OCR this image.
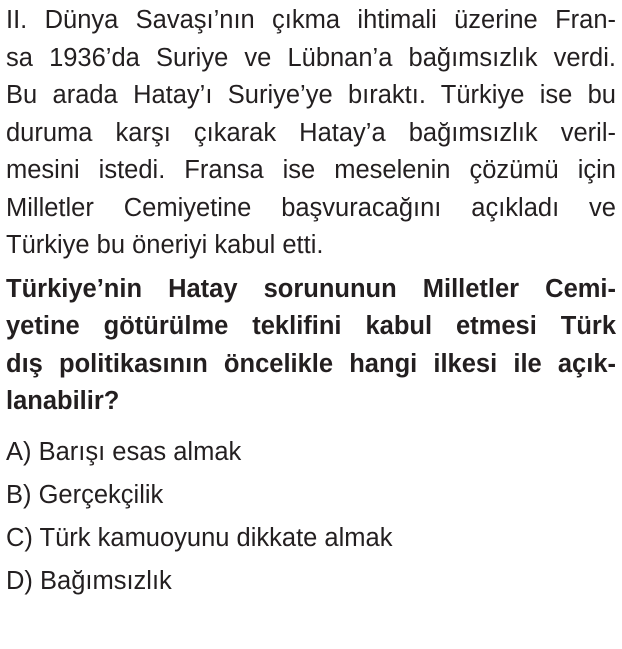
II. Dünya Savaşı’nın çıkma ihtimali üzerine Fran-
sa 1936’da Suriye ve Lübnan’a bağımsızlık verdi.
Bu arada Hatay’ı Suriye’ye bıraktı. Türkiye ise bu
duruma karşı çıkarak Hatay’a bağımsızlık veril-
mesini istedi. Fransa ise meselenin çözümü için
Milletler Cemiyetine başvuracağını açıkladı ve
Türkiye bu öneriyi kabul etti.

Türkiye’nin Hatay sorununun Milletler Cemi-
yetine götürülme teklifini kabul etmesi Türk
dış politikasının öncelikle hangi ilkesi ile açık-
lanabilir?

A) Barışı esas almak
B) Gerçekçilik
C) Türk kamuoyunu dikkate almak
D) Bağımsızlık
